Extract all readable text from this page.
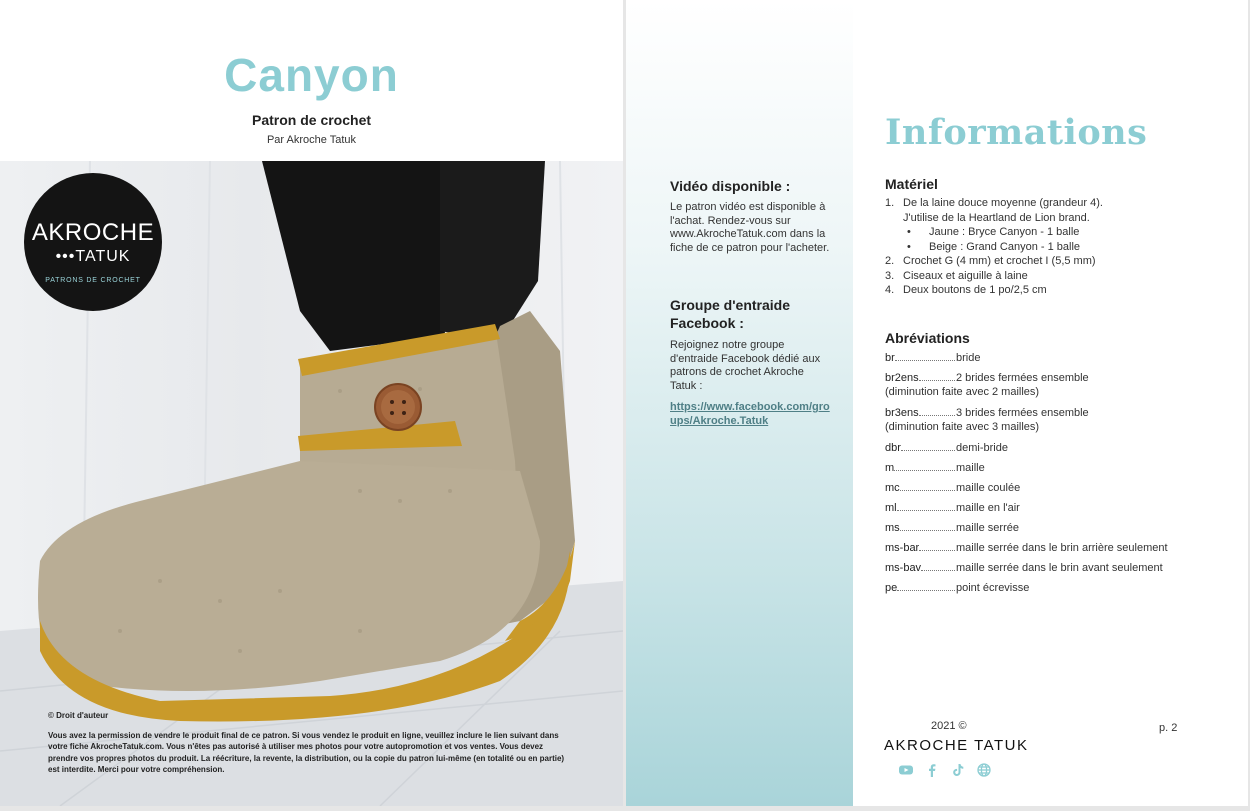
Canyon
Patron de crochet
Par Akroche Tatuk
AKROCHE
•••TATUK
PATRONS DE CROCHET
© Droit d'auteur
Vous avez la permission de vendre le produit final de ce patron. Si vous vendez le produit en ligne, veuillez inclure le lien suivant dans votre fiche AkrocheTatuk.com. Vous n'êtes pas autorisé à utiliser mes photos pour votre autopromotion et vos ventes. Vous devez prendre vos propres photos du produit. La réécriture, la revente, la distribution, ou la copie du patron lui-même (en totalité ou en partie) est interdite. Merci pour votre compréhension.
Vidéo disponible :
Le patron vidéo est disponible à l'achat. Rendez-vous sur www.AkrocheTatuk.com dans la fiche de ce patron pour l'acheter.
Groupe d'entraide Facebook :
Rejoignez notre groupe d'entraide Facebook dédié aux patrons de crochet Akroche Tatuk :
https://www.facebook.com/groups/Akroche.Tatuk
Informations
Matériel
1. De la laine douce moyenne (grandeur 4).
J'utilise de la Heartland de Lion brand.
•	Jaune : Bryce Canyon - 1 balle
•	Beige : Grand Canyon - 1 balle
2. Crochet G (4 mm) et crochet I (5,5 mm)
3. Ciseaux et aiguille à laine
4. Deux boutons de 1 po/2,5 cm
Abréviations
br	bride
br2ens	2 brides fermées ensemble
(diminution faite avec 2 mailles)
br3ens	3 brides fermées ensemble
(diminution faite avec 3 mailles)
dbr	demi-bride
m	maille
mc	maille coulée
ml	maille en l'air
ms	maille serrée
ms-bar	maille serrée dans le brin arrière seulement
ms-bav	maille serrée dans le brin avant seulement
pe	point écrevisse
2021 ©
AKROCHE TATUK
p. 2
